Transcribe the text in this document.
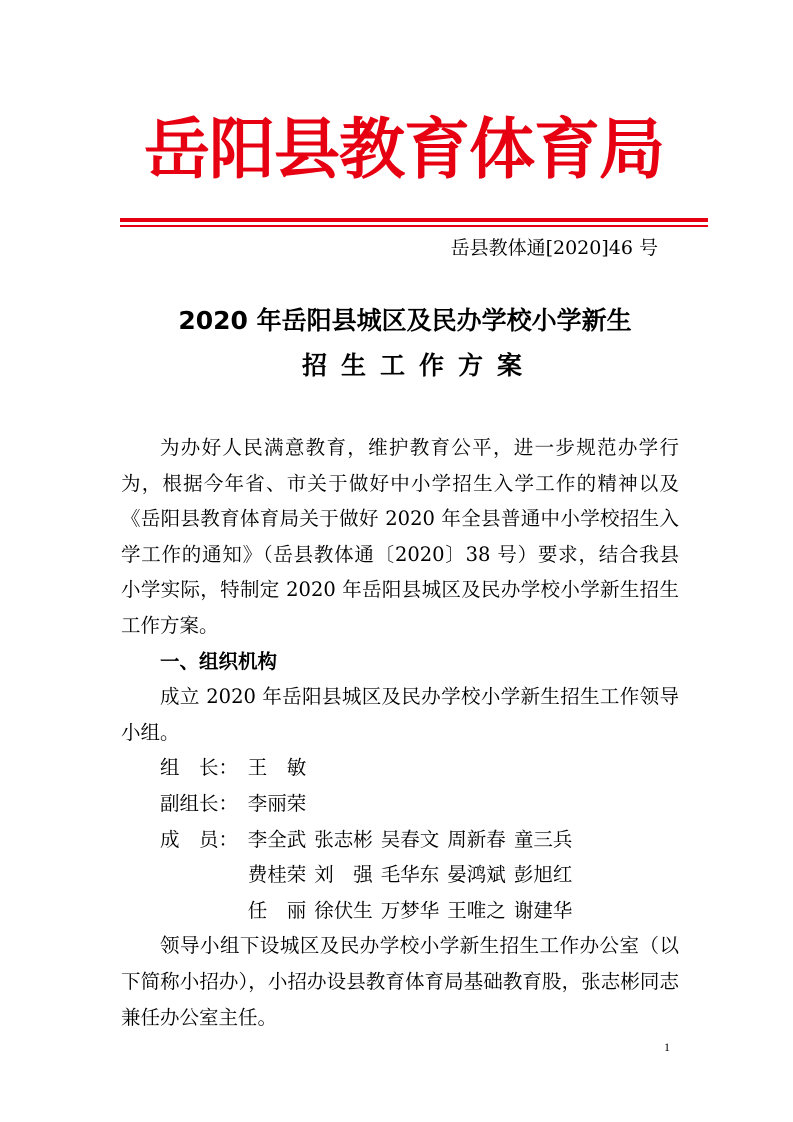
岳阳县教育体育局
岳县教体通[2020]46 号
2020 年岳阳县城区及民办学校小学新生
招生工作方案

为办好人民满意教育，维护教育公平，进一步规范办学行为，根据今年省、市关于做好中小学招生入学工作的精神以及《岳阳县教育体育局关于做好 2020 年全县普通中小学校招生入学工作的通知》（岳县教体通〔2020〕38 号）要求，结合我县小学实际，特制定 2020 年岳阳县城区及民办学校小学新生招生工作方案。

一、组织机构

成立 2020 年岳阳县城区及民办学校小学新生招生工作领导小组。

组　长： 王　敏

副组长： 李丽荣

成　员： 李全武 张志彬 吴春文 周新春 童三兵
费桂荣 刘　强 毛华东 晏鸿斌 彭旭红
任　丽 徐伏生 万梦华 王唯之 谢建华

领导小组下设城区及民办学校小学新生招生工作办公室（以下简称小招办），小招办设县教育体育局基础教育股，张志彬同志兼任办公室主任。

1
